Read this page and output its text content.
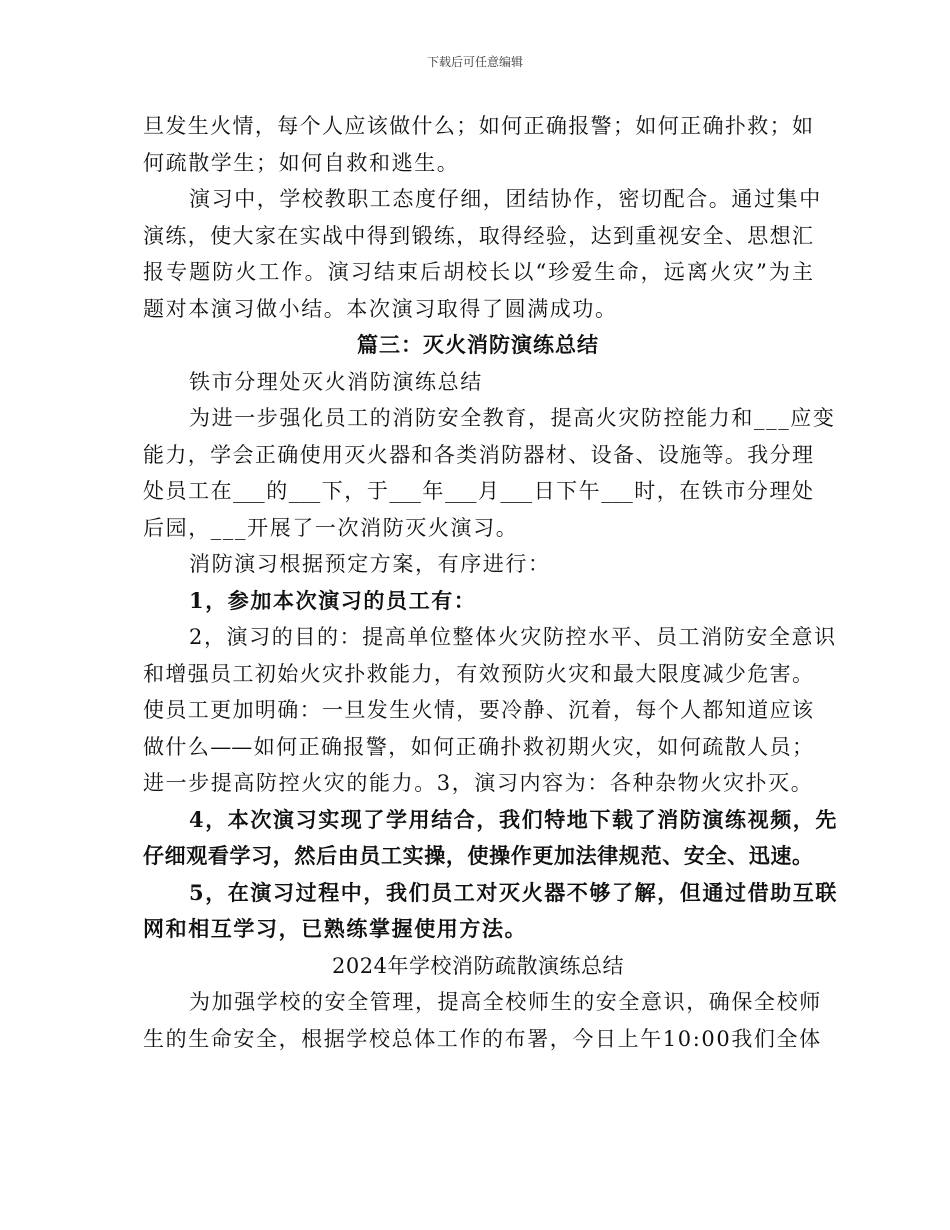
下载后可任意编辑
旦发生火情，每个人应该做什么；如何正确报警；如何正确扑救；如
何疏散学生；如何自救和逃生。
演习中，学校教职工态度仔细，团结协作，密切配合。通过集中
演练，使大家在实战中得到锻练，取得经验，达到重视安全、思想汇
报专题防火工作。演习结束后胡校长以“珍爱生命，远离火灾”为主
题对本演习做小结。本次演习取得了圆满成功。
篇三：灭火消防演练总结
铁市分理处灭火消防演练总结
为进一步强化员工的消防安全教育，提高火灾防控能力和___应变
能力，学会正确使用灭火器和各类消防器材、设备、设施等。我分理
处员工在___的___下，于___年___月___日下午___时，在铁市分理处
后园，___开展了一次消防灭火演习。
消防演习根据预定方案，有序进行：
1，参加本次演习的员工有：
2，演习的目的：提高单位整体火灾防控水平、员工消防安全意识
和增强员工初始火灾扑救能力，有效预防火灾和最大限度减少危害。
使员工更加明确：一旦发生火情，要冷静、沉着，每个人都知道应该
做什么——如何正确报警，如何正确扑救初期火灾，如何疏散人员；
进一步提高防控火灾的能力。3，演习内容为：各种杂物火灾扑灭。
4，本次演习实现了学用结合，我们特地下载了消防演练视频，先
仔细观看学习，然后由员工实操，使操作更加法律规范、安全、迅速。
5，在演习过程中，我们员工对灭火器不够了解，但通过借助互联
网和相互学习，已熟练掌握使用方法。
2024年学校消防疏散演练总结
为加强学校的安全管理，提高全校师生的安全意识，确保全校师
生的生命安全，根据学校总体工作的布署，今日上午10:00我们全体
